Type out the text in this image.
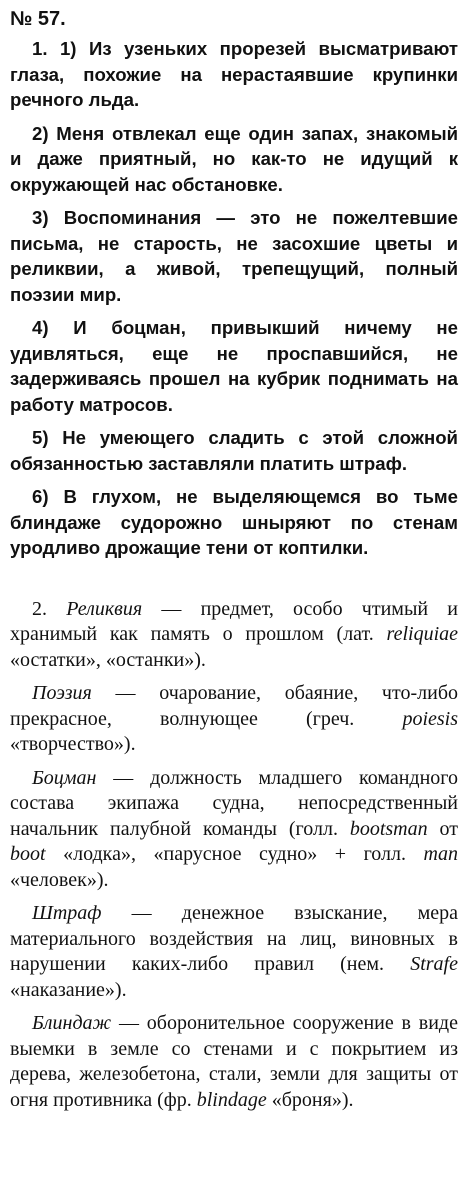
№ 57.

1. 1) Из узеньких прорезей высматривают глаза, похожие на нерастаявшие крупинки речного льда.

2) Меня отвлекал еще один запах, знакомый и даже приятный, но как-то не идущий к окружающей нас обстановке.

3) Воспоминания — это не пожелтевшие письма, не старость, не засохшие цветы и реликвии, а живой, трепещущий, полный поэзии мир.

4) И боцман, привыкший ничему не удивляться, еще не проспавшийся, не задерживаясь прошел на кубрик поднимать на работу матросов.

5) Не умеющего сладить с этой сложной обязанностью заставляли платить штраф.

6) В глухом, не выделяющемся во тьме блиндаже судорожно шныряют по стенам уродливо дрожащие тени от коптилки.

2. Реликвия — предмет, особо чтимый и хранимый как память о прошлом (лат. reliquiae «остатки», «останки»).

Поэзия — очарование, обаяние, что-либо прекрасное, волнующее (греч. poiesis «творчество»).

Боцман — должность младшего командного состава экипажа судна, непосредственный начальник палубной команды (голл. bootsman от boot «лодка», «парусное судно» + голл. man «человек»).

Штраф — денежное взыскание, мера материального воздействия на лиц, виновных в нарушении каких-либо правил (нем. Strafe «наказание»).

Блиндаж — оборонительное сооружение в виде выемки в земле со стенами и с покрытием из дерева, железобетона, стали, земли для защиты от огня противника (фр. blindage «броня»).
